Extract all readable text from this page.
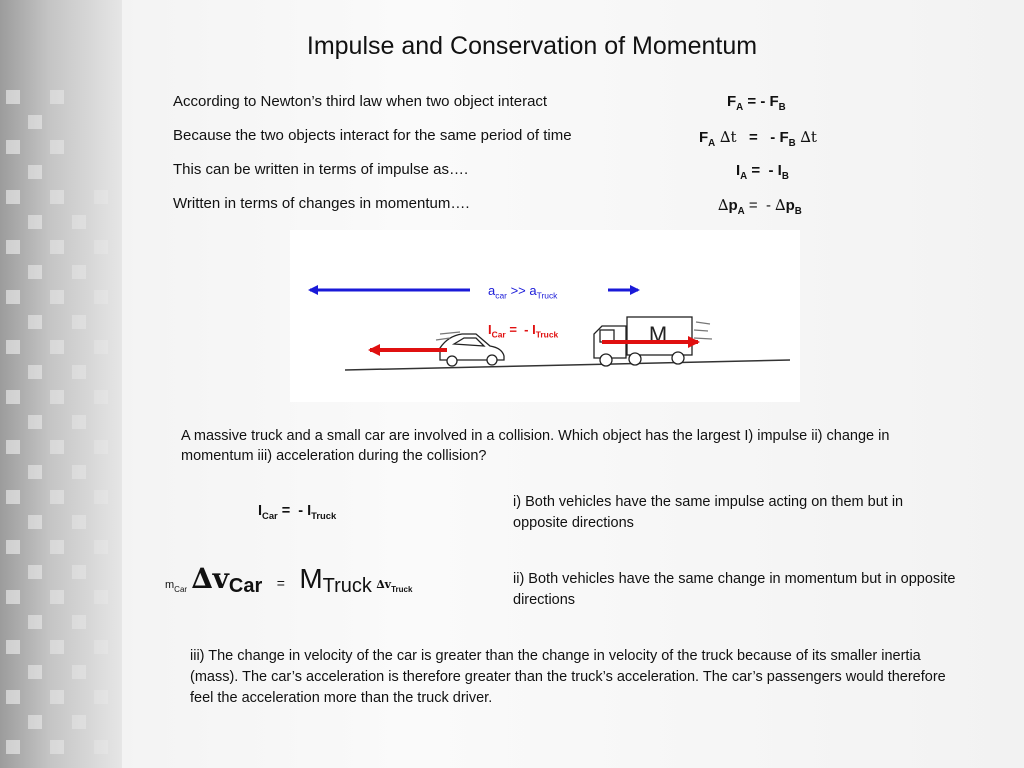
Impulse and Conservation of Momentum
According to Newton’s third law when two object interact
Because the two objects interact for the same period of time
This can be written in terms of impulse as….
Written in terms of changes in momentum….
$F_A$ = - $F_B$
$F_A$ ∆t   =   - $F_B$ ∆t
$I_A$ =  - $I_B$
$\Delta p_A$ =  - $\Delta p_B$
M
$a_{car} >> a_{Truck}$
$I_{Car}$ =  - $I_{Truck}$
A massive truck and a small car are involved in a collision. Which object has the largest I) impulse ii) change in momentum iii) acceleration during the collision?
$I_{Car}$ =  - $I_{Truck}$
$m_{Car}$ $\Delta v_{Car} = M_{Truck}$ $\Delta v_{Truck}$
i) Both vehicles have the same impulse acting on them but in opposite directions
ii) Both vehicles have the same change in momentum but in opposite directions
iii) The change in velocity of the car is greater than the change in velocity of the truck because of its smaller inertia (mass). The car’s acceleration is therefore greater than the truck’s acceleration. The car’s passengers would therefore feel the acceleration more than the truck driver.
